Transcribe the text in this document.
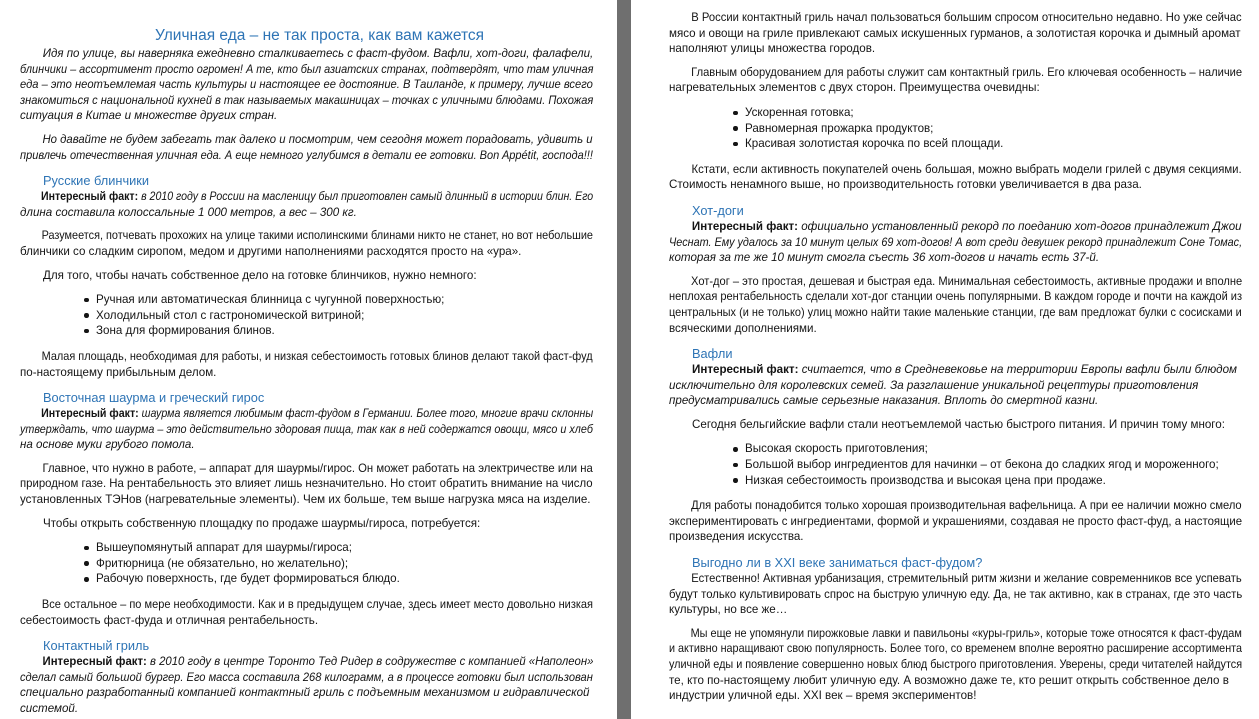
Уличная еда – не так проста, как вам кажется
Идя по улице, вы наверняка ежедневно сталкиваетесь с фаст-фудом. Вафли, хот-доги, фалафели,
блинчики – ассортимент просто огромен! А те, кто был азиатских странах, подтвердят, что там уличная
еда – это неотъемлемая часть культуры и настоящее ее достояние. В Таиланде, к примеру, лучше всего
знакомиться с национальной кухней в так называемых макашницах – точках с уличными блюдами. Похожая
ситуация в Китае и множестве других стран.
Но давайте не будем забегать так далеко и посмотрим, чем сегодня может порадовать, удивить и
привлечь отечественная уличная еда. А еще немного углубимся в детали ее готовки. Bon Appétit, господа!!!
Русские блинчики
Интересный факт: в 2010 году в России на масленицу был приготовлен самый длинный в истории блин. Его
длина составила колоссальные 1 000 метров, а вес – 300 кг.
Разумеется, потчевать прохожих на улице такими исполинскими блинами никто не станет, но вот небольшие
блинчики со сладким сиропом, медом и другими наполнениями расходятся просто на «ура».
Для того, чтобы начать собственное дело на готовке блинчиков, нужно немного:
Ручная или автоматическая блинница с чугунной поверхностью;
Холодильный стол с гастрономической витриной;
Зона для формирования блинов.
Малая площадь, необходимая для работы, и низкая себестоимость готовых блинов делают такой фаст-фуд
по-настоящему прибыльным делом.
Восточная шаурма и греческий гирос
Интересный факт: шаурма является любимым фаст-фудом в Германии. Более того, многие врачи склонны
утверждать, что шаурма – это действительно здоровая пища, так как в ней содержатся овощи, мясо и хлеб
на основе муки грубого помола.
Главное, что нужно в работе, – аппарат для шаурмы/гирос. Он может работать на электричестве или на
природном газе. На рентабельность это влияет лишь незначительно. Но стоит обратить внимание на число
установленных ТЭНов (нагревательные элементы). Чем их больше, тем выше нагрузка мяса на изделие.
Чтобы открыть собственную площадку по продаже шаурмы/гироса, потребуется:
Вышеупомянутый аппарат для шаурмы/гироса;
Фритюрница (не обязательно, но желательно);
Рабочую поверхность, где будет формироваться блюдо.
Все остальное – по мере необходимости. Как и в предыдущем случае, здесь имеет место довольно низкая
себестоимость фаст-фуда и отличная рентабельность.
Контактный гриль
Интересный факт: в 2010 году в центре Торонто Тед Ридер в содружестве с компанией «Наполеон»
сделал самый большой бургер. Его масса составила 268 килограмм, а в процессе готовки был использован
специально разработанный компанией контактный гриль с подъемным механизмом и гидравлической
системой.
В России контактный гриль начал пользоваться большим спросом относительно недавно. Но уже сейчас
мясо и овощи на гриле привлекают самых искушенных гурманов, а золотистая корочка и дымный аромат
наполняют улицы множества городов.
Главным оборудованием для работы служит сам контактный гриль. Его ключевая особенность – наличие
нагревательных элементов с двух сторон. Преимущества очевидны:
Ускоренная готовка;
Равномерная прожарка продуктов;
Красивая золотистая корочка по всей площади.
Кстати, если активность покупателей очень большая, можно выбрать модели грилей с двумя секциями.
Стоимость ненамного выше, но производительность готовки увеличивается в два раза.
Хот-доги
Интересный факт: официально установленный рекорд по поеданию хот-догов принадлежит Джои
Чеснат. Ему удалось за 10 минут целых 69 хот-догов! А вот среди девушек рекорд принадлежит Соне Томас,
которая за те же 10 минут смогла съесть 36 хот-догов и начать есть 37-й.
Хот-дог – это простая, дешевая и быстрая еда. Минимальная себестоимость, активные продажи и вполне
неплохая рентабельность сделали хот-дог станции очень популярными. В каждом городе и почти на каждой из
центральных (и не только) улиц можно найти такие маленькие станции, где вам предложат булки с сосисками и
всяческими дополнениями.
Вафли
Интересный факт: считается, что в Средневековье на территории Европы вафли были блюдом
исключительно для королевских семей. За разглашение уникальной рецептуры приготовления
предусматривались самые серьезные наказания. Вплоть до смертной казни.
Сегодня бельгийские вафли стали неотъемлемой частью быстрого питания. И причин тому много:
Высокая скорость приготовления;
Большой выбор ингредиентов для начинки – от бекона до сладких ягод и мороженного;
Низкая себестоимость производства и высокая цена при продаже.
Для работы понадобится только хорошая производительная вафельница. А при ее наличии можно смело
экспериментировать с ингредиентами, формой и украшениями, создавая не просто фаст-фуд, а настоящие
произведения искусства.
Выгодно ли в XXI веке заниматься фаст-фудом?
Естественно! Активная урбанизация, стремительный ритм жизни и желание современников все успевать
будут только культивировать спрос на быструю уличную еду. Да, не так активно, как в странах, где это часть
культуры, но все же…
Мы еще не упомянули пирожковые лавки и павильоны «куры-гриль», которые тоже относятся к фаст-фудам
и активно наращивают свою популярность. Более того, со временем вполне вероятно расширение ассортимента
уличной еды и появление совершенно новых блюд быстрого приготовления. Уверены, среди читателей найдутся
те, кто по-настоящему любит уличную еду. А возможно даже те, кто решит открыть собственное дело в
индустрии уличной еды. XXI век – время экспериментов!
